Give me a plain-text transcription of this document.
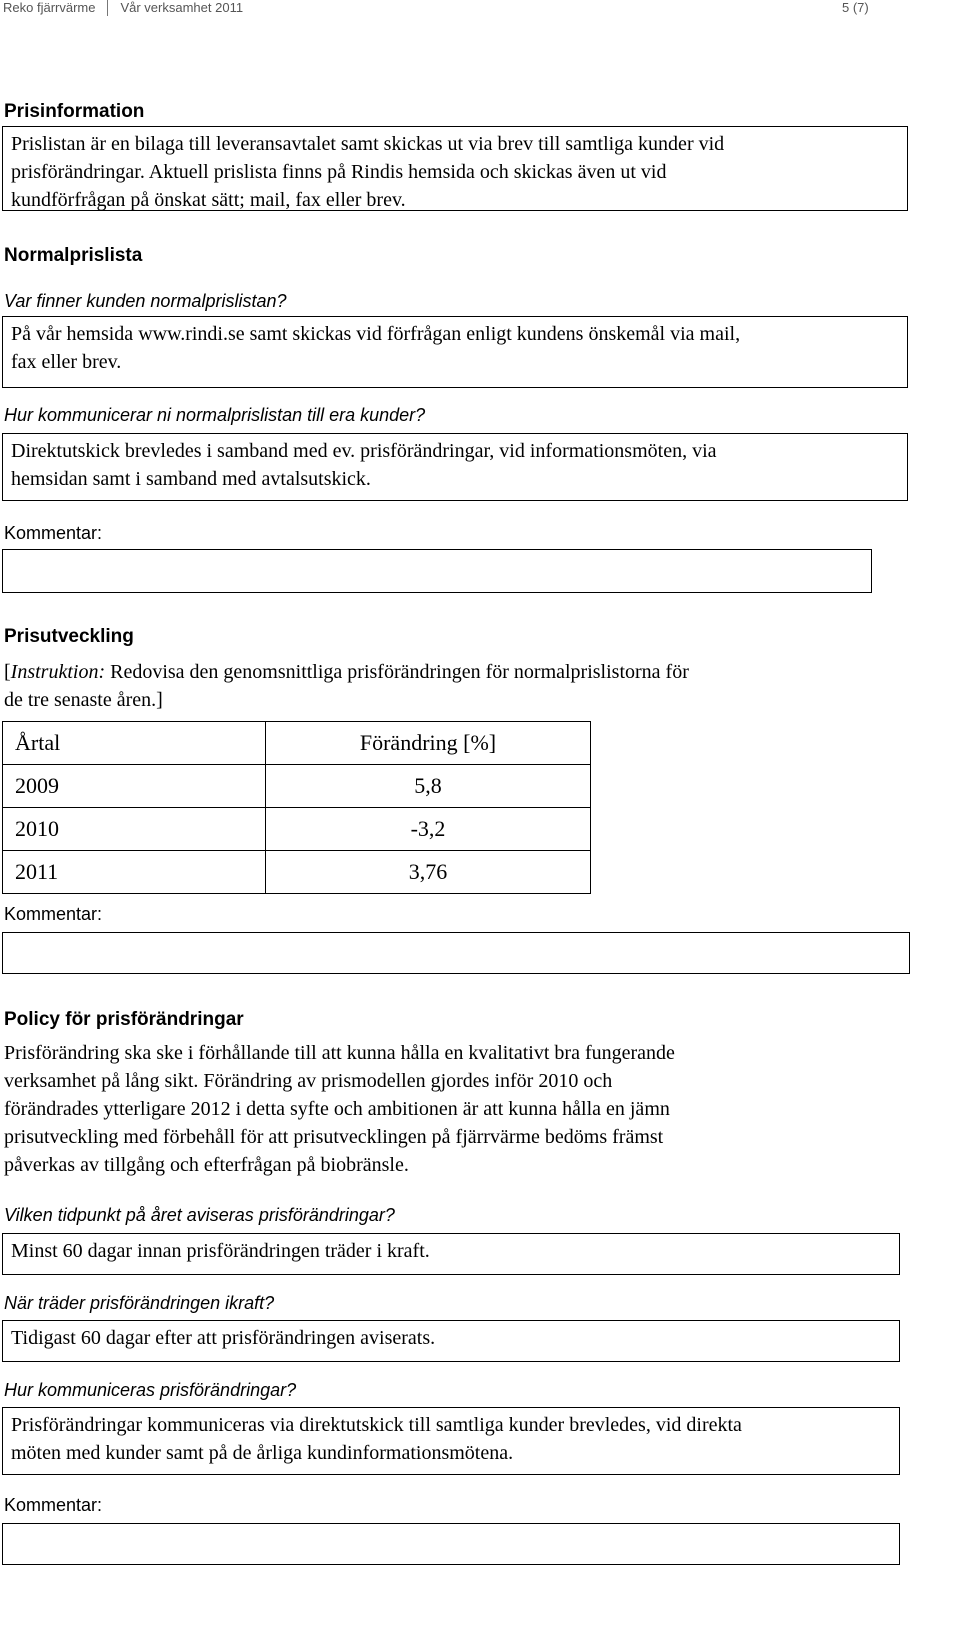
Reko fjärrvärme Vår verksamhet 2011	5 (7)
Prisinformation
Prislistan är en bilaga till leveransavtalet samt skickas ut via brev till samtliga kunder vid
prisförändringar. Aktuell prislista finns på Rindis hemsida och skickas även ut vid
kundförfrågan på önskat sätt; mail, fax eller brev.
Normalprislista
Var finner kunden normalprislistan?
På vår hemsida www.rindi.se samt skickas vid förfrågan enligt kundens önskemål via mail,
fax eller brev.
Hur kommunicerar ni normalprislistan till era kunder?
Direktutskick brevledes i samband med ev. prisförändringar, vid informationsmöten, via
hemsidan samt i samband med avtalsutskick.
Kommentar:
Prisutveckling
[Instruktion: Redovisa den genomsnittliga prisförändringen för normalprislistorna för
de tre senaste åren.]
Årtal	Förändring [%]
2009	5,8
2010	-3,2
2011	3,76
Kommentar:
Policy för prisförändringar
Prisförändring ska ske i förhållande till att kunna hålla en kvalitativt bra fungerande
verksamhet på lång sikt. Förändring av prismodellen gjordes inför 2010 och
förändrades ytterligare 2012 i detta syfte och ambitionen är att kunna hålla en jämn
prisutveckling med förbehåll för att prisutvecklingen på fjärrvärme bedöms främst
påverkas av tillgång och efterfrågan på biobränsle.
Vilken tidpunkt på året aviseras prisförändringar?
Minst 60 dagar innan prisförändringen träder i kraft.
När träder prisförändringen ikraft?
Tidigast 60 dagar efter att prisförändringen aviserats.
Hur kommuniceras prisförändringar?
Prisförändringar kommuniceras via direktutskick till samtliga kunder brevledes, vid direkta
möten med kunder samt på de årliga kundinformationsmötena.
Kommentar:
